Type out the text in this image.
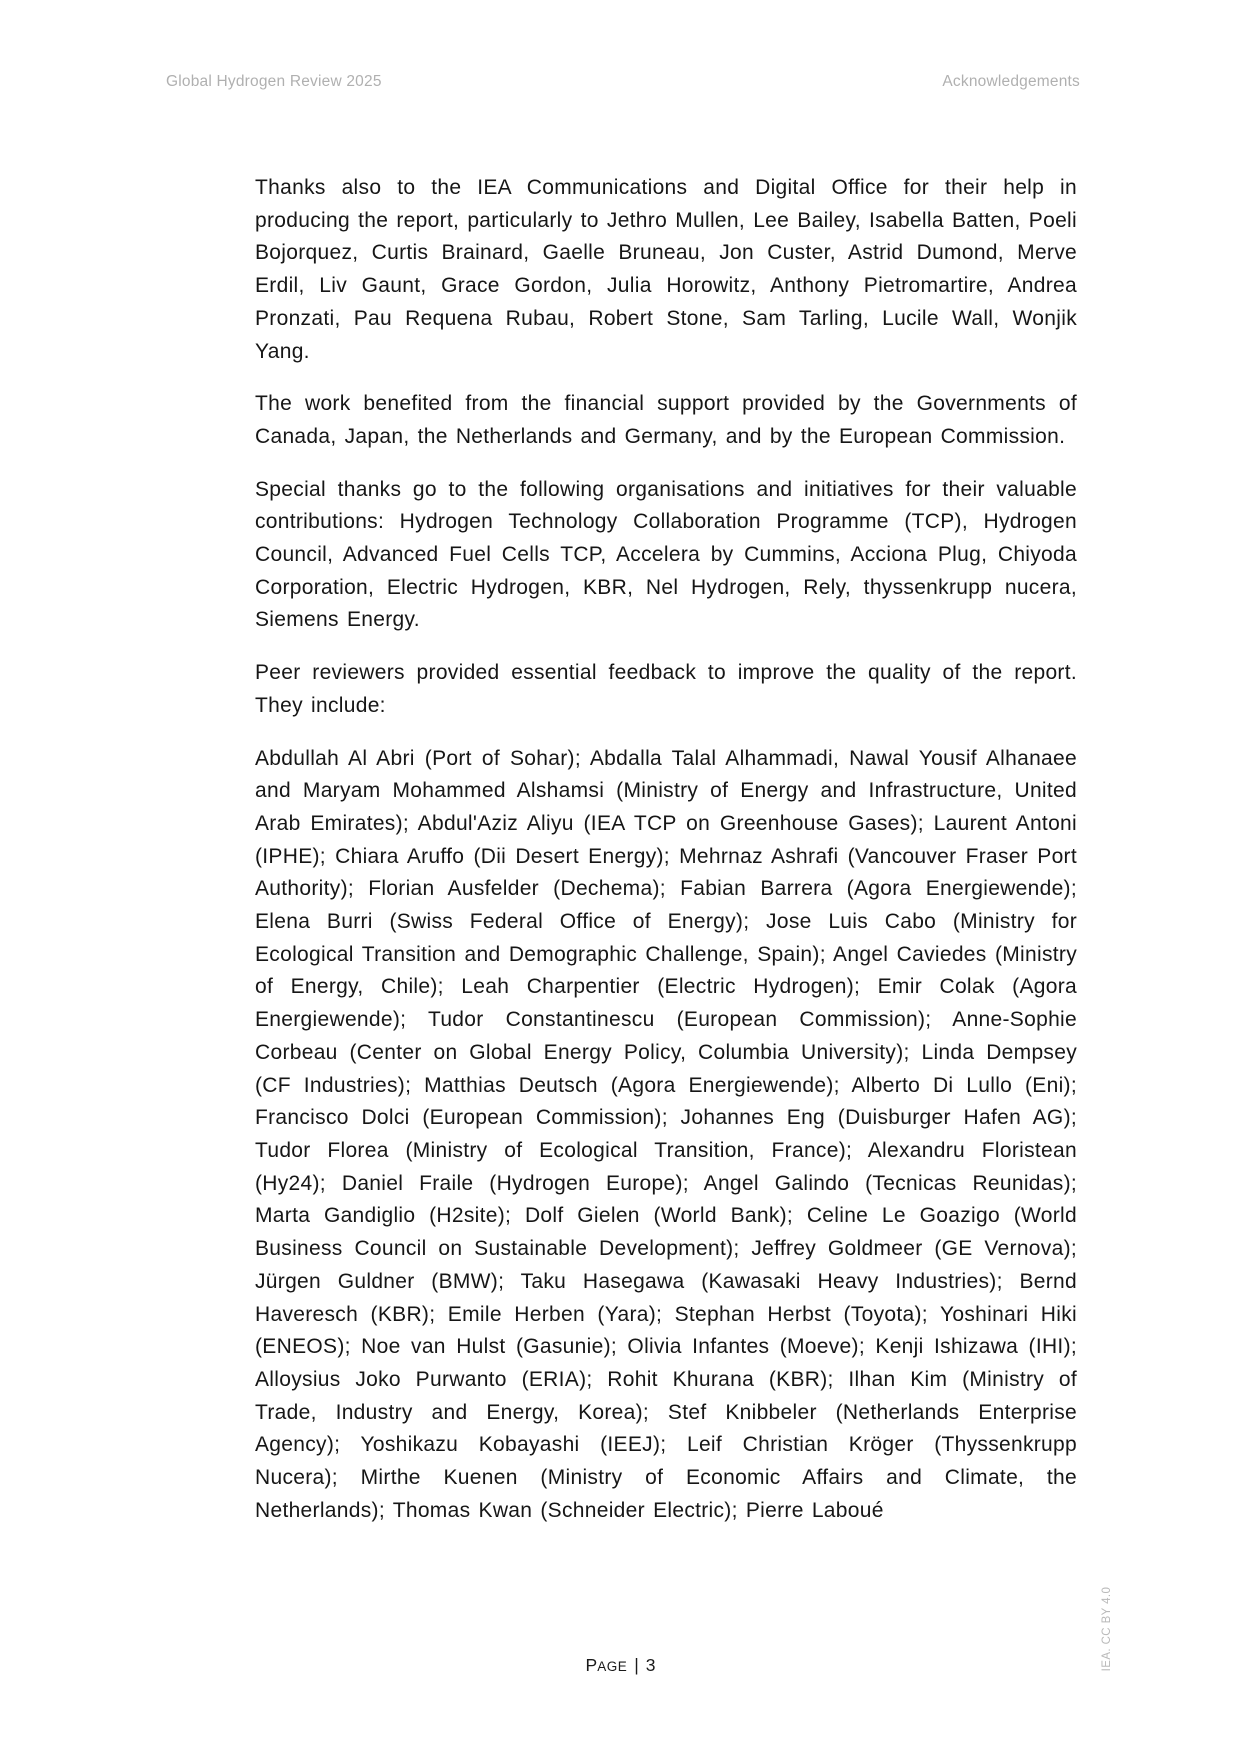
Global Hydrogen Review 2025	Acknowledgements

Thanks also to the IEA Communications and Digital Office for their help in producing the report, particularly to Jethro Mullen, Lee Bailey, Isabella Batten, Poeli Bojorquez, Curtis Brainard, Gaelle Bruneau, Jon Custer, Astrid Dumond, Merve Erdil, Liv Gaunt, Grace Gordon, Julia Horowitz, Anthony Pietromartire, Andrea Pronzati, Pau Requena Rubau, Robert Stone, Sam Tarling, Lucile Wall, Wonjik Yang.

The work benefited from the financial support provided by the Governments of Canada, Japan, the Netherlands and Germany, and by the European Commission.

Special thanks go to the following organisations and initiatives for their valuable contributions: Hydrogen Technology Collaboration Programme (TCP), Hydrogen Council, Advanced Fuel Cells TCP, Accelera by Cummins, Acciona Plug, Chiyoda Corporation, Electric Hydrogen, KBR, Nel Hydrogen, Rely, thyssenkrupp nucera, Siemens Energy.

Peer reviewers provided essential feedback to improve the quality of the report. They include:

Abdullah Al Abri (Port of Sohar); Abdalla Talal Alhammadi, Nawal Yousif Alhanaee and Maryam Mohammed Alshamsi (Ministry of Energy and Infrastructure, United Arab Emirates); Abdul'Aziz Aliyu (IEA TCP on Greenhouse Gases); Laurent Antoni (IPHE); Chiara Aruffo (Dii Desert Energy); Mehrnaz Ashrafi (Vancouver Fraser Port Authority); Florian Ausfelder (Dechema); Fabian Barrera (Agora Energiewende); Elena Burri (Swiss Federal Office of Energy); Jose Luis Cabo (Ministry for Ecological Transition and Demographic Challenge, Spain); Angel Caviedes (Ministry of Energy, Chile); Leah Charpentier (Electric Hydrogen); Emir Colak (Agora Energiewende); Tudor Constantinescu (European Commission); Anne-Sophie Corbeau (Center on Global Energy Policy, Columbia University); Linda Dempsey (CF Industries); Matthias Deutsch (Agora Energiewende); Alberto Di Lullo (Eni); Francisco Dolci (European Commission); Johannes Eng (Duisburger Hafen AG); Tudor Florea (Ministry of Ecological Transition, France); Alexandru Floristean (Hy24); Daniel Fraile (Hydrogen Europe); Angel Galindo (Tecnicas Reunidas); Marta Gandiglio (H2site); Dolf Gielen (World Bank); Celine Le Goazigo (World Business Council on Sustainable Development); Jeffrey Goldmeer (GE Vernova); Jürgen Guldner (BMW); Taku Hasegawa (Kawasaki Heavy Industries); Bernd Haveresch (KBR); Emile Herben (Yara); Stephan Herbst (Toyota); Yoshinari Hiki (ENEOS); Noe van Hulst (Gasunie); Olivia Infantes (Moeve); Kenji Ishizawa (IHI); Alloysius Joko Purwanto (ERIA); Rohit Khurana (KBR); Ilhan Kim (Ministry of Trade, Industry and Energy, Korea); Stef Knibbeler (Netherlands Enterprise Agency); Yoshikazu Kobayashi (IEEJ); Leif Christian Kröger (Thyssenkrupp Nucera); Mirthe Kuenen (Ministry of Economic Affairs and Climate, the Netherlands); Thomas Kwan (Schneider Electric); Pierre Laboué

PAGE | 3	IEA. CC BY 4.0
